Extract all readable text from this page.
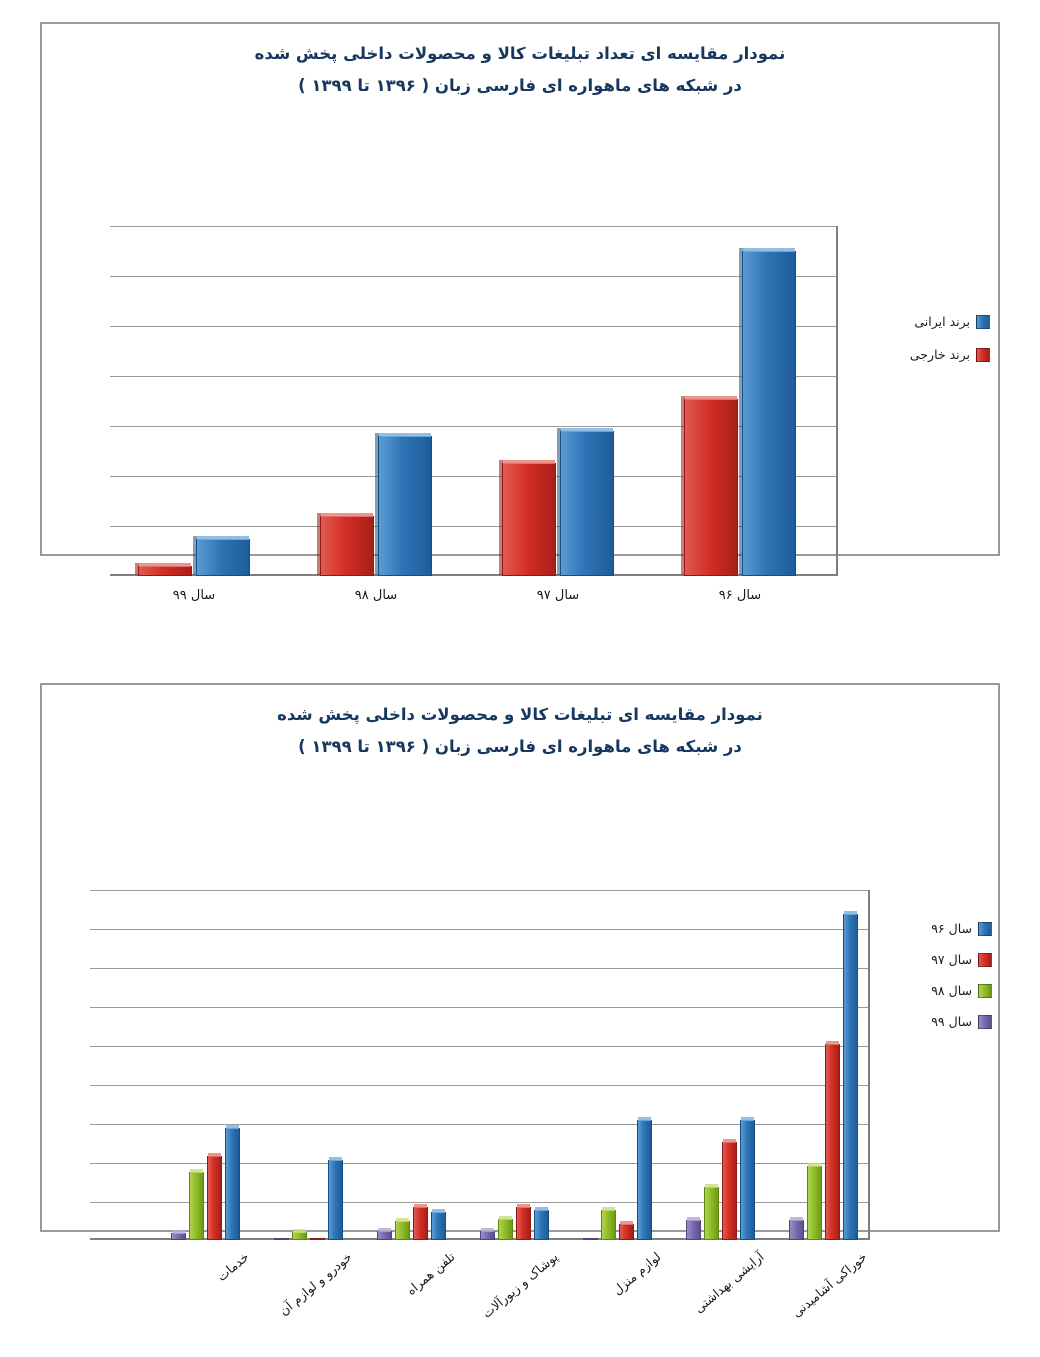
نمودار مقایسه ای تعداد تبلیغات کالا و محصولات داخلی پخش شده
در شبکه های ماهواره ای فارسی زبان ( ۱۳۹۶ تا ۱۳۹۹ )
سال ۹۶
سال ۹۷
سال ۹۸
سال ۹۹
برند ایرانی
برند خارجی
نمودار مقایسه ای تبلیغات کالا و محصولات داخلی پخش شده
در شبکه های ماهواره ای فارسی زبان ( ۱۳۹۶ تا ۱۳۹۹ )
خوراکی آشامیدنی
آرایشی بهداشتی
لوازم منزل
پوشاک و زیورآلات
تلفن همراه
خودرو و لوازم آن
خدمات
سال ۹۶
سال ۹۷
سال ۹۸
سال ۹۹
